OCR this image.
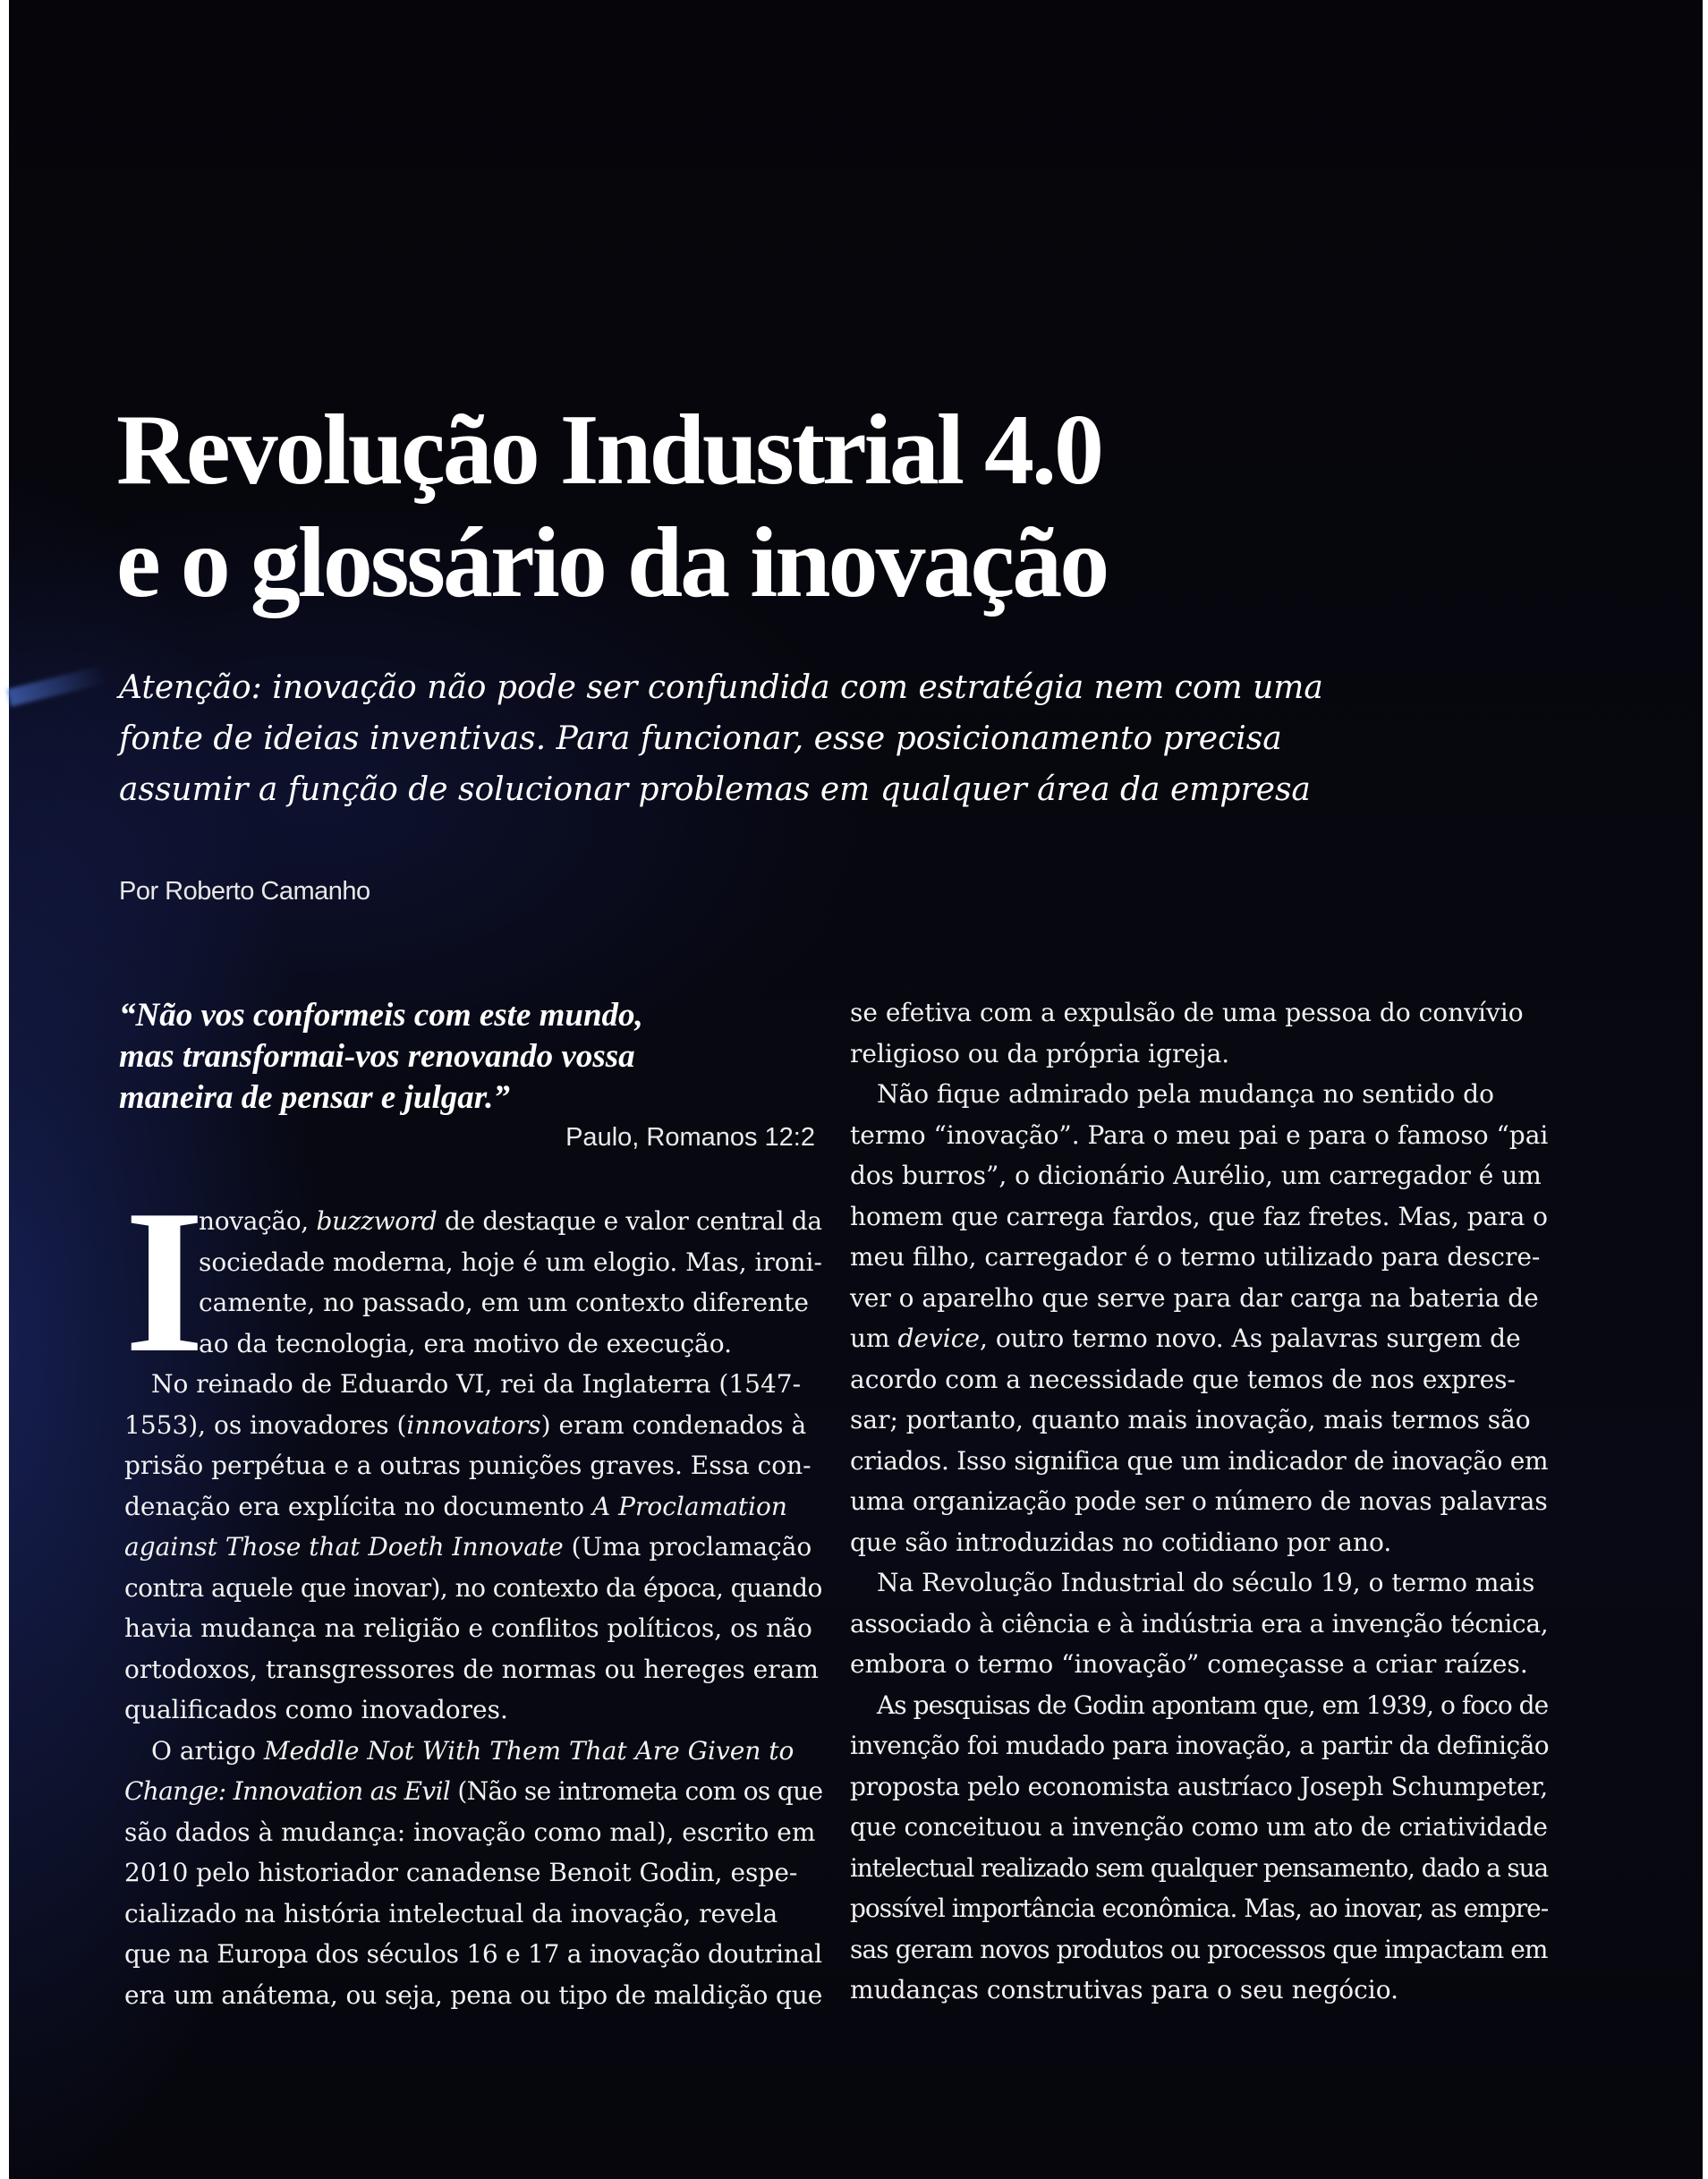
Revolução Industrial 4.0
e o glossário da inovação
Atenção: inovação não pode ser confundida com estratégia nem com uma
fonte de ideias inventivas. Para funcionar, esse posicionamento precisa
assumir a função de solucionar problemas em qualquer área da empresa
Por Roberto Camanho
“Não vos conformeis com este mundo,
mas transformai-vos renovando vossa
maneira de pensar e julgar.”
Paulo, Romanos 12:2
I
novação, buzzword de destaque e valor central da
sociedade moderna, hoje é um elogio. Mas, ironi-
camente, no passado, em um contexto diferente
ao da tecnologia, era motivo de execução.
No reinado de Eduardo VI, rei da Inglaterra (1547-
1553), os inovadores (innovators) eram condenados à
prisão perpétua e a outras punições graves. Essa con-
denação era explícita no documento A Proclamation
against Those that Doeth Innovate (Uma proclamação
contra aquele que inovar), no contexto da época, quando
havia mudança na religião e conflitos políticos, os não
ortodoxos, transgressores de normas ou hereges eram
qualificados como inovadores.
O artigo Meddle Not With Them That Are Given to
Change: Innovation as Evil (Não se intrometa com os que
são dados à mudança: inovação como mal), escrito em
2010 pelo historiador canadense Benoit Godin, espe-
cializado na história intelectual da inovação, revela
que na Europa dos séculos 16 e 17 a inovação doutrinal
era um anátema, ou seja, pena ou tipo de maldição que
se efetiva com a expulsão de uma pessoa do convívio
religioso ou da própria igreja.
Não fique admirado pela mudança no sentido do
termo “inovação”. Para o meu pai e para o famoso “pai
dos burros”, o dicionário Aurélio, um carregador é um
homem que carrega fardos, que faz fretes. Mas, para o
meu filho, carregador é o termo utilizado para descre-
ver o aparelho que serve para dar carga na bateria de
um device, outro termo novo. As palavras surgem de
acordo com a necessidade que temos de nos expres-
sar; portanto, quanto mais inovação, mais termos são
criados. Isso significa que um indicador de inovação em
uma organização pode ser o número de novas palavras
que são introduzidas no cotidiano por ano.
Na Revolução Industrial do século 19, o termo mais
associado à ciência e à indústria era a invenção técnica,
embora o termo “inovação” começasse a criar raízes.
As pesquisas de Godin apontam que, em 1939, o foco de
invenção foi mudado para inovação, a partir da definição
proposta pelo economista austríaco Joseph Schumpeter,
que conceituou a invenção como um ato de criatividade
intelectual realizado sem qualquer pensamento, dado a sua
possível importância econômica. Mas, ao inovar, as empre-
sas geram novos produtos ou processos que impactam em
mudanças construtivas para o seu negócio.
